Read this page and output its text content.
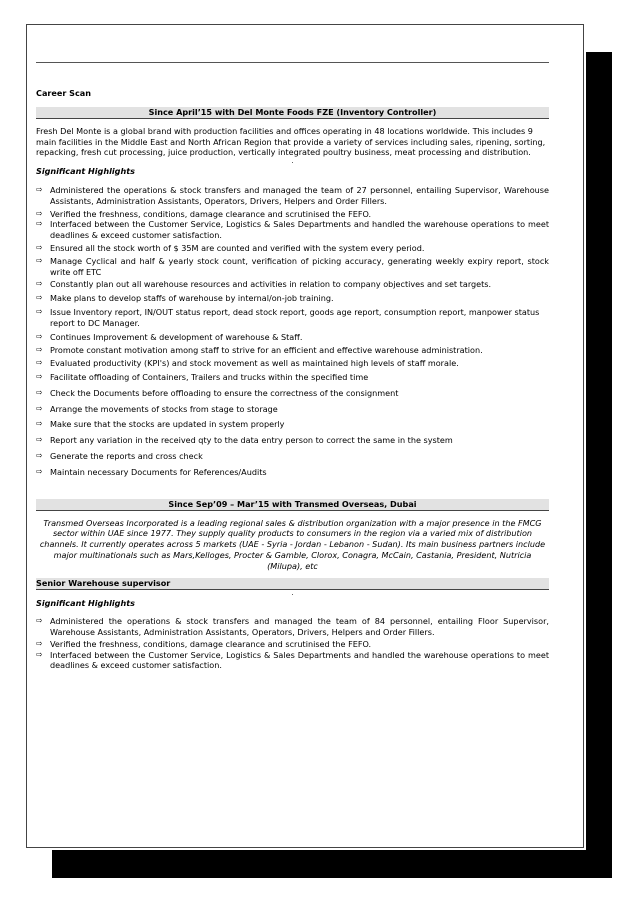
Career Scan
Since April’15 with Del Monte Foods FZE (Inventory Controller)

Fresh Del Monte is a global brand with production facilities and offices operating in 48 locations worldwide. This includes 9 main facilities in the Middle East and North African Region that provide a variety of services including sales, ripening, sorting, repacking, fresh cut processing, juice production, vertically integrated poultry business, meat processing and distribution.

.
Significant Highlights
⇨ Administered the operations & stock transfers and managed the team of 27 personnel, entailing Supervisor, Warehouse Assistants, Administration Assistants, Operators, Drivers, Helpers and Order Fillers.
⇨ Verified the freshness, conditions, damage clearance and scrutinised the FEFO.
⇨ Interfaced between the Customer Service, Logistics & Sales Departments and handled the warehouse operations to meet deadlines & exceed customer satisfaction.
⇨ Ensured all the stock worth of $ 35M are counted and verified with the system every period.
⇨ Manage Cyclical and half & yearly stock count, verification of picking accuracy, generating weekly expiry report, stock write off ETC
⇨ Constantly plan out all warehouse resources and activities in relation to company objectives and set targets.
⇨ Make plans to develop staffs of warehouse by internal/on-job training.
⇨ Issue Inventory report, IN/OUT status report, dead stock report, goods age report, consumption report, manpower status report to DC Manager.
⇨ Continues Improvement & development of warehouse & Staff.
⇨ Promote constant motivation among staff to strive for an efficient and effective warehouse administration.
⇨ Evaluated productivity (KPI's) and stock movement as well as maintained high levels of staff morale.
⇨ Facilitate offloading of Containers, Trailers and trucks within the specified time
⇨ Check the Documents before offloading to ensure the correctness of the consignment
⇨ Arrange the movements of stocks from stage to storage
⇨ Make sure that the stocks are updated in system properly
⇨ Report any variation in the received qty to the data entry person to correct the same in the system
⇨ Generate the reports and cross check
⇨ Maintain necessary Documents for References/Audits
Since Sep’09 – Mar’15 with Transmed Overseas, Dubai

Transmed Overseas Incorporated is a leading regional sales & distribution organization with a major presence in the FMCG sector within UAE since 1977. They supply quality products to consumers in the region via a varied mix of distribution channels. It currently operates across 5 markets (UAE - Syria - Jordan - Lebanon - Sudan). Its main business partners include major multinationals such as Mars,Kelloges, Procter & Gamble, Clorox, Conagra, McCain, Castania, President, Nutricia (Milupa), etc

Senior Warehouse supervisor
.
Significant Highlights
⇨ Administered the operations & stock transfers and managed the team of 84 personnel, entailing Floor Supervisor, Warehouse Assistants, Administration Assistants, Operators, Drivers, Helpers and Order Fillers.
⇨ Verified the freshness, conditions, damage clearance and scrutinised the FEFO.
⇨ Interfaced between the Customer Service, Logistics & Sales Departments and handled the warehouse operations to meet deadlines & exceed customer satisfaction.
